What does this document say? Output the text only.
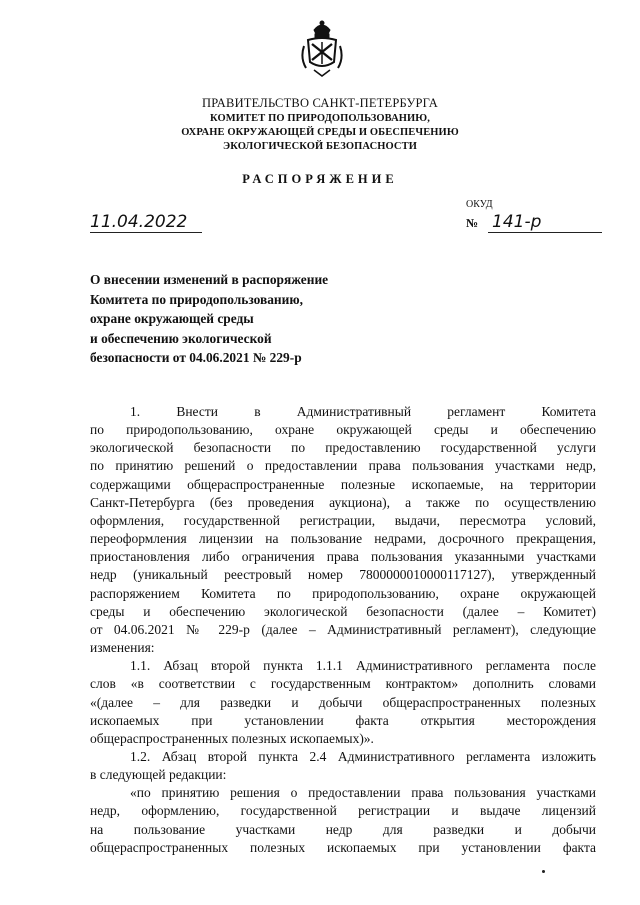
ПРАВИТЕЛЬСТВО САНКТ-ПЕТЕРБУРГА
КОМИТЕТ ПО ПРИРОДОПОЛЬЗОВАНИЮ,
ОХРАНЕ ОКРУЖАЮЩЕЙ СРЕДЫ И ОБЕСПЕЧЕНИЮ
ЭКОЛОГИЧЕСКОЙ БЕЗОПАСНОСТИ
РАСПОРЯЖЕНИЕ
11.04.2022
ОКУД
№ 141-р
О внесении изменений в распоряжение
Комитета по природопользованию,
охране окружающей среды
и обеспечению экологической
безопасности от 04.06.2021 № 229-р

1.      Внести      в      Административный      регламент      Комитета

по природопользованию, охране окружающей среды и обеспечению

экологической безопасности по предоставлению государственной услуги

по принятию решений о предоставлении права пользования участками недр,

содержащими общераспространенные полезные ископаемые, на территории

Санкт-Петербурга (без проведения аукциона), а также по осуществлению

оформления, государственной регистрации, выдачи, пересмотра условий,

переоформления лицензии на пользование недрами, досрочного прекращения,

приостановления либо ограничения права пользования указанными участками

недр (уникальный реестровый номер 7800000010000117127), утвержденный

распоряжением Комитета по природопользованию, охране окружающей

среды и обеспечению экологической безопасности (далее – Комитет)

от 04.06.2021 № 229-р (далее – Административный регламент), следующие

изменения:

1.1. Абзац второй пункта 1.1.1 Административного регламента после

слов «в соответствии с государственным контрактом» дополнить словами

«(далее – для разведки и добычи общераспространенных полезных

ископаемых при установлении факта открытия месторождения

общераспространенных полезных ископаемых)».

1.2. Абзац второй пункта 2.4 Административного регламента изложить

в следующей редакции:

«по принятию решения о предоставлении права пользования участками

недр, оформлению, государственной регистрации и выдаче лицензий

на пользование участками недр для разведки и добычи

общераспространенных полезных ископаемых при установлении факта
